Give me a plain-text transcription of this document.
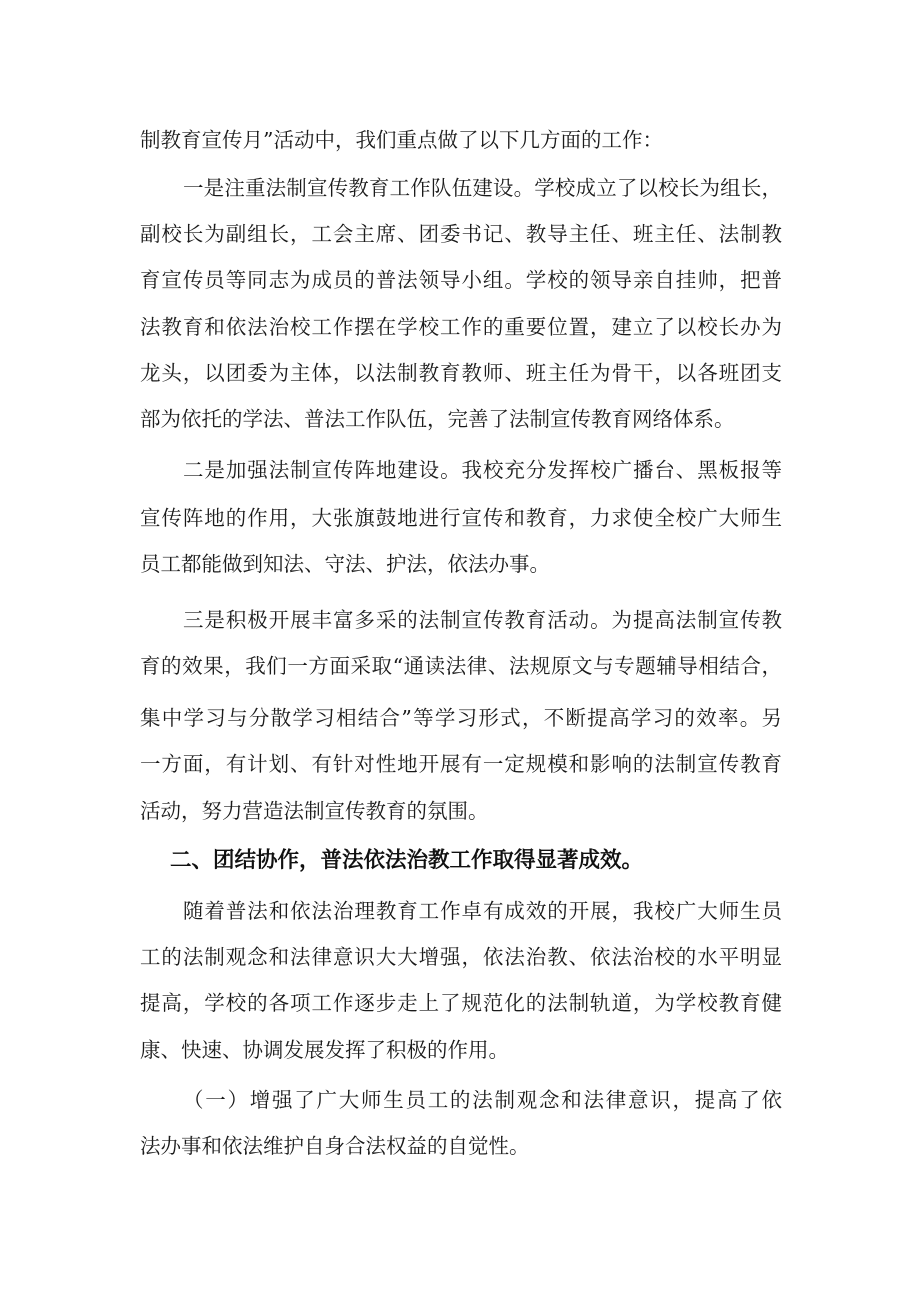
制教育宣传月”活动中，我们重点做了以下几方面的工作：
一是注重法制宣传教育工作队伍建设。学校成立了以校长为组长，
副校长为副组长，工会主席、团委书记、教导主任、班主任、法制教
育宣传员等同志为成员的普法领导小组。学校的领导亲自挂帅，把普
法教育和依法治校工作摆在学校工作的重要位置，建立了以校长办为
龙头，以团委为主体，以法制教育教师、班主任为骨干，以各班团支
部为依托的学法、普法工作队伍，完善了法制宣传教育网络体系。
二是加强法制宣传阵地建设。我校充分发挥校广播台、黑板报等
宣传阵地的作用，大张旗鼓地进行宣传和教育，力求使全校广大师生
员工都能做到知法、守法、护法，依法办事。
三是积极开展丰富多采的法制宣传教育活动。为提高法制宣传教
育的效果，我们一方面采取“通读法律、法规原文与专题辅导相结合，
集中学习与分散学习相结合”等学习形式，不断提高学习的效率。另
一方面，有计划、有针对性地开展有一定规模和影响的法制宣传教育
活动，努力营造法制宣传教育的氛围。
二、团结协作，普法依法治教工作取得显著成效。
随着普法和依法治理教育工作卓有成效的开展，我校广大师生员
工的法制观念和法律意识大大增强，依法治教、依法治校的水平明显
提高，学校的各项工作逐步走上了规范化的法制轨道，为学校教育健
康、快速、协调发展发挥了积极的作用。
（一）增强了广大师生员工的法制观念和法律意识，提高了依
法办事和依法维护自身合法权益的自觉性。
